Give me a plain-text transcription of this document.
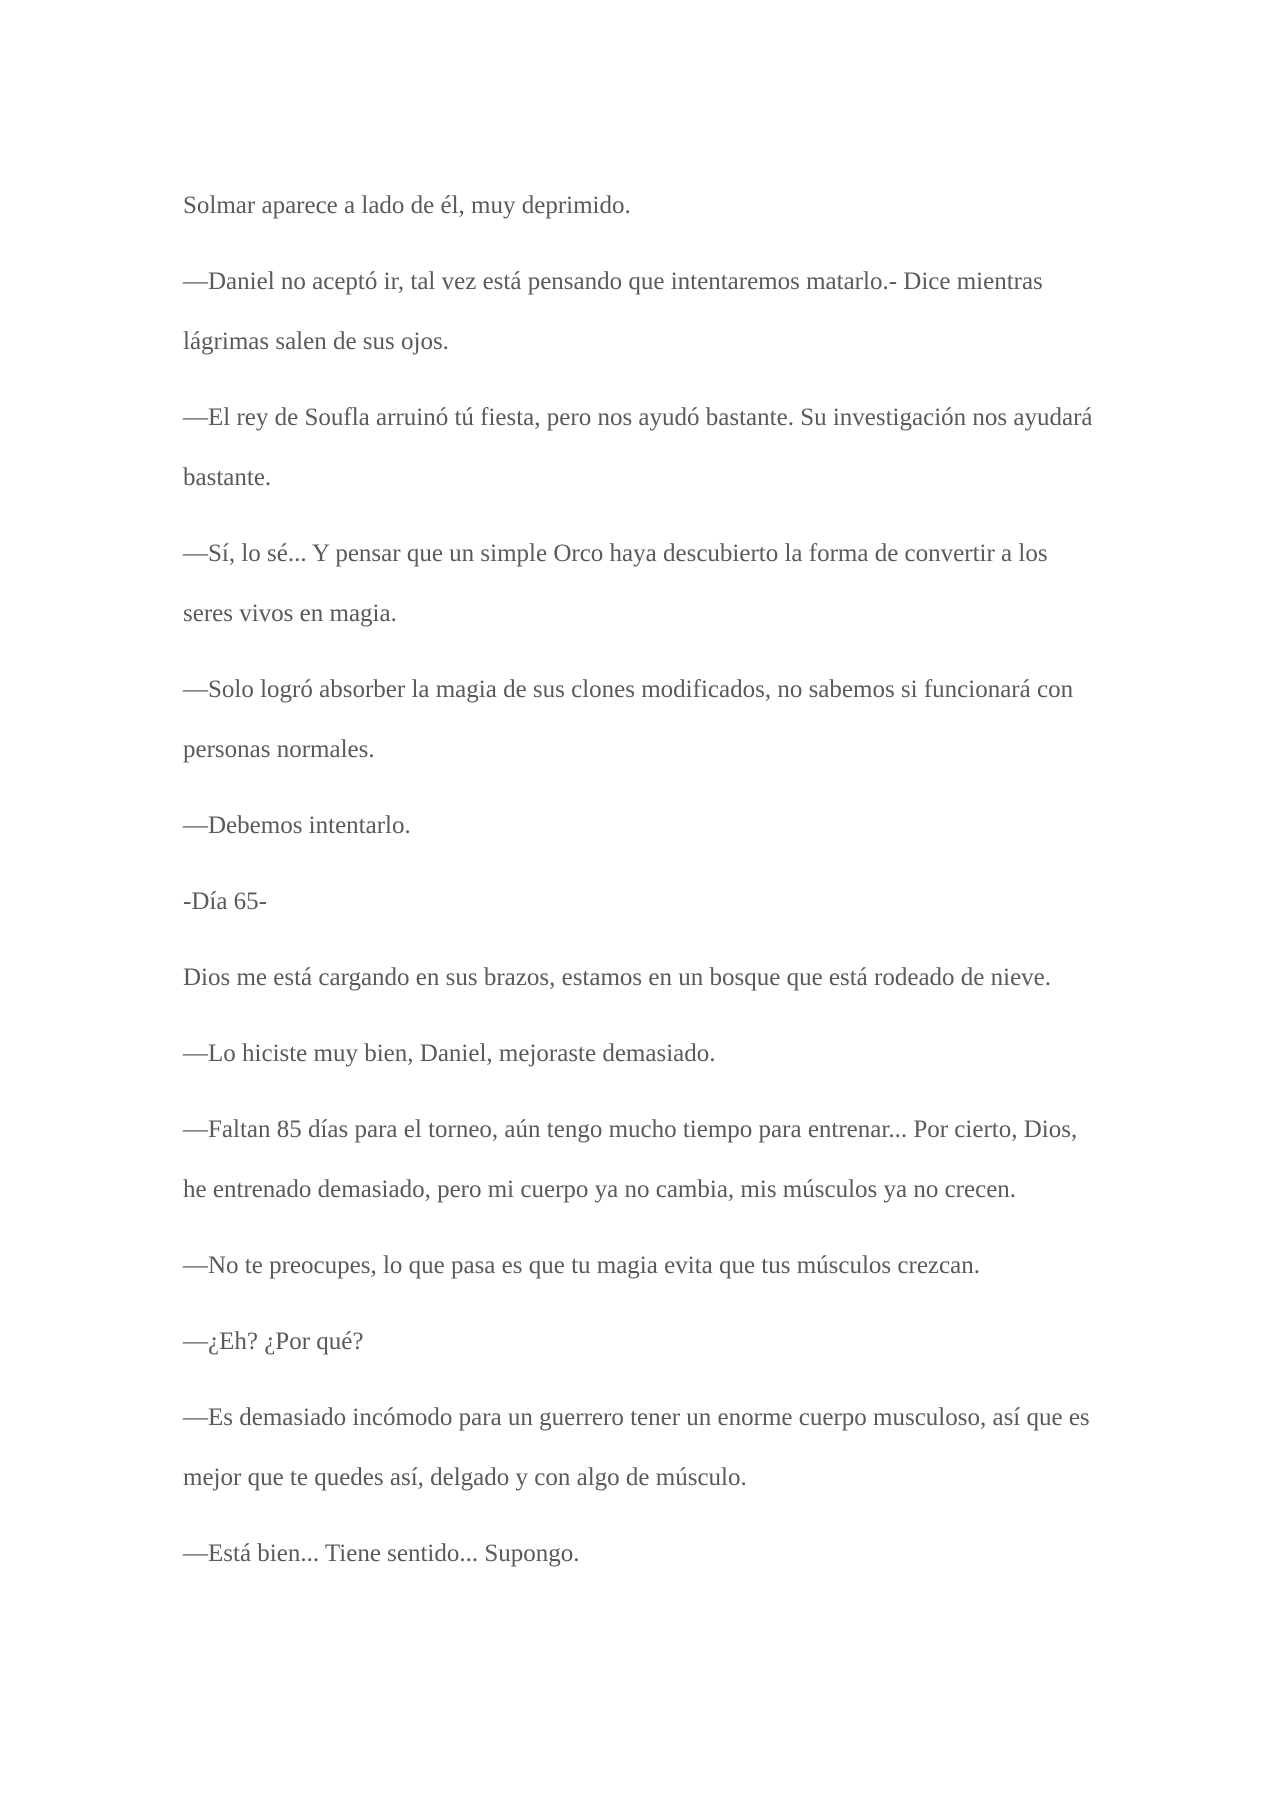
Solmar aparece a lado de él, muy deprimido.

—Daniel no aceptó ir, tal vez está pensando que intentaremos matarlo.- Dice mientras lágrimas salen de sus ojos.

—El rey de Soufla arruinó tú fiesta, pero nos ayudó bastante. Su investigación nos ayudará bastante.

—Sí, lo sé... Y pensar que un simple Orco haya descubierto la forma de convertir a los seres vivos en magia.

—Solo logró absorber la magia de sus clones modificados, no sabemos si funcionará con personas normales.

—Debemos intentarlo.

-Día 65-

Dios me está cargando en sus brazos, estamos en un bosque que está rodeado de nieve.

—Lo hiciste muy bien, Daniel, mejoraste demasiado.

—Faltan 85 días para el torneo, aún tengo mucho tiempo para entrenar... Por cierto, Dios, he entrenado demasiado, pero mi cuerpo ya no cambia, mis músculos ya no crecen.

—No te preocupes, lo que pasa es que tu magia evita que tus músculos crezcan.

—¿Eh? ¿Por qué?

—Es demasiado incómodo para un guerrero tener un enorme cuerpo musculoso, así que es mejor que te quedes así, delgado y con algo de músculo.

—Está bien... Tiene sentido... Supongo.
